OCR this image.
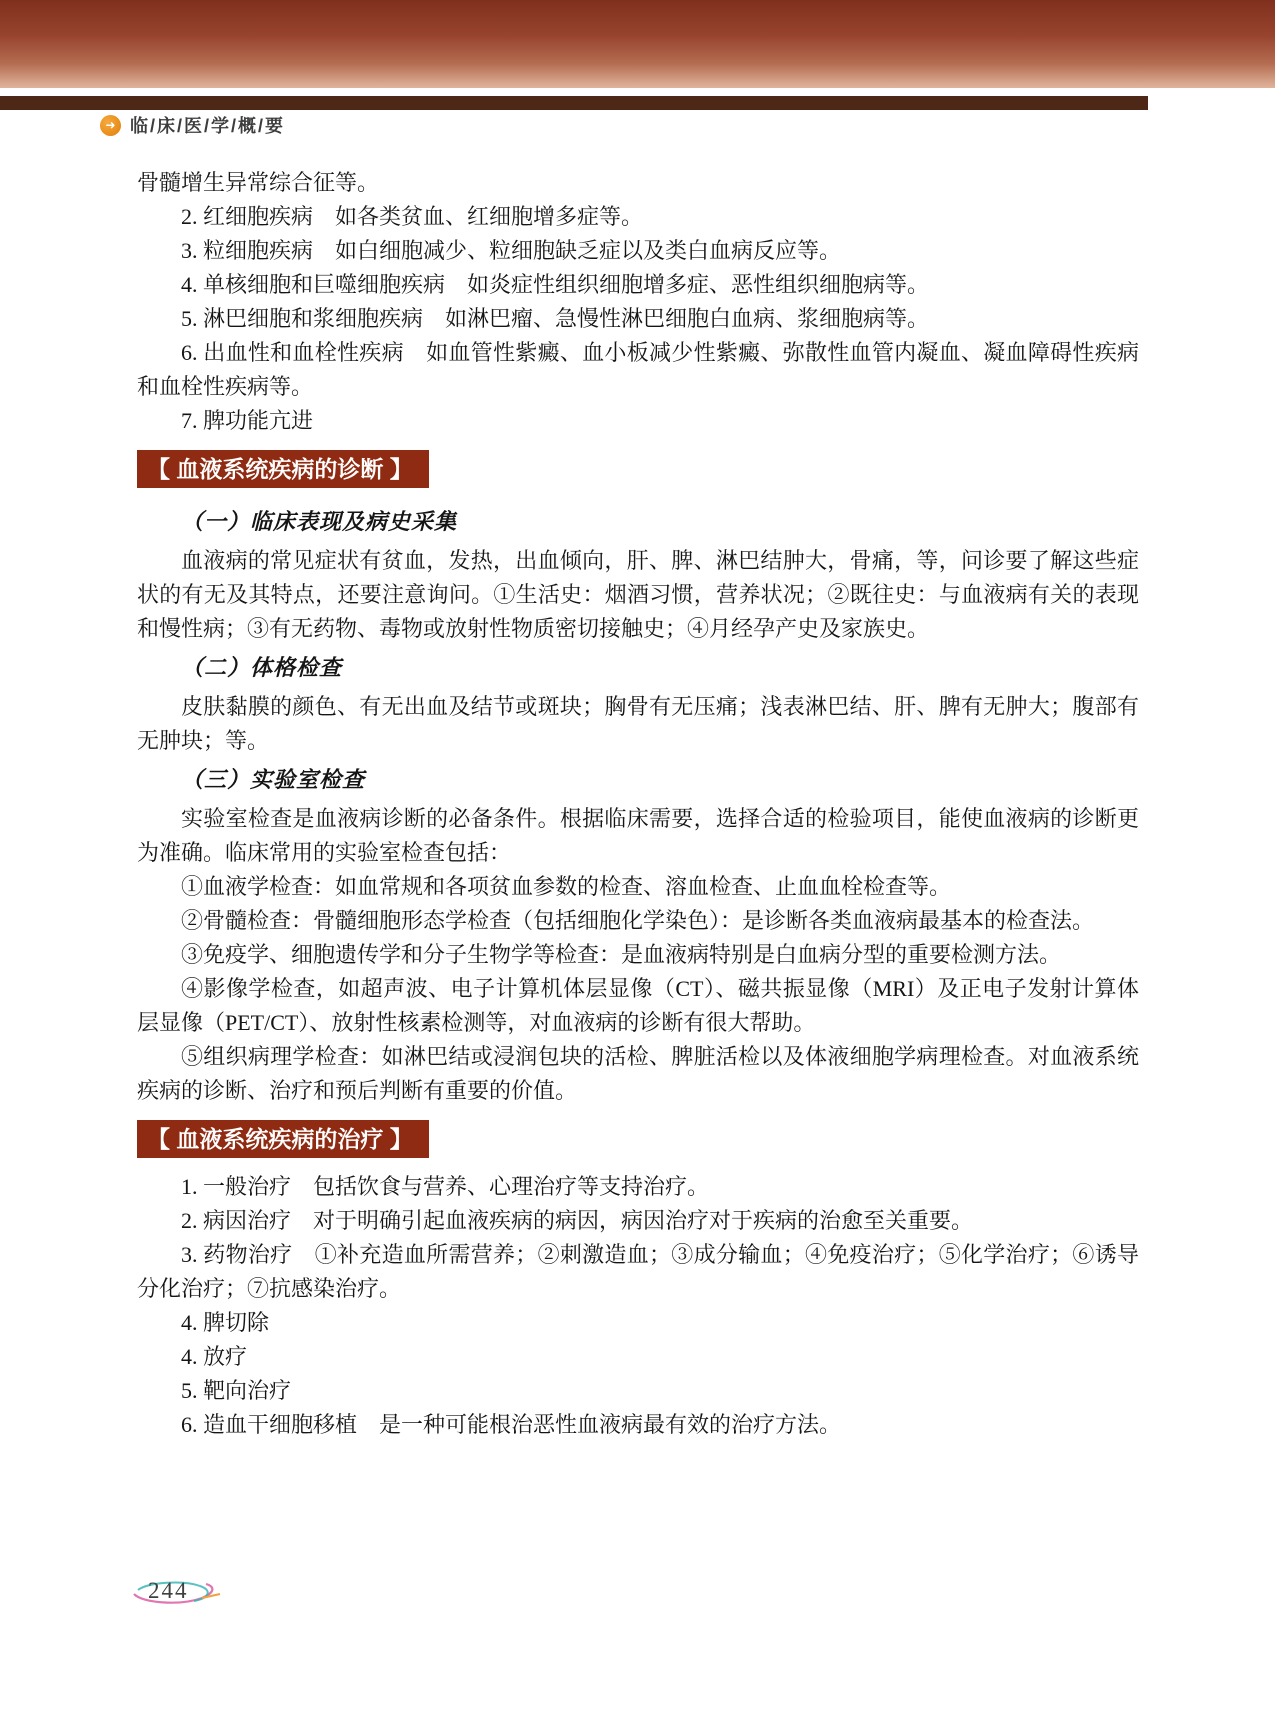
➜
临/床/医/学/概/要

骨髓增生异常综合征等。

2. 红细胞疾病　如各类贫血、红细胞增多症等。

3. 粒细胞疾病　如白细胞减少、粒细胞缺乏症以及类白血病反应等。

4. 单核细胞和巨噬细胞疾病　如炎症性组织细胞增多症、恶性组织细胞病等。

5. 淋巴细胞和浆细胞疾病　如淋巴瘤、急慢性淋巴细胞白血病、浆细胞病等。

6. 出血性和血栓性疾病　如血管性紫癜、血小板减少性紫癜、弥散性血管内凝血、凝血障碍性疾病和血栓性疾病等。

7. 脾功能亢进

【 血液系统疾病的诊断 】

（一）临床表现及病史采集

血液病的常见症状有贫血，发热，出血倾向，肝、脾、淋巴结肿大，骨痛，等，问诊要了解这些症状的有无及其特点，还要注意询问。①生活史：烟酒习惯，营养状况；②既往史：与血液病有关的表现和慢性病；③有无药物、毒物或放射性物质密切接触史；④月经孕产史及家族史。

（二）体格检查

皮肤黏膜的颜色、有无出血及结节或斑块；胸骨有无压痛；浅表淋巴结、肝、脾有无肿大；腹部有无肿块；等。

（三）实验室检查

实验室检查是血液病诊断的必备条件。根据临床需要，选择合适的检验项目，能使血液病的诊断更为准确。临床常用的实验室检查包括：

①血液学检查：如血常规和各项贫血参数的检查、溶血检查、止血血栓检查等。

②骨髓检查：骨髓细胞形态学检查（包括细胞化学染色）：是诊断各类血液病最基本的检查法。

③免疫学、细胞遗传学和分子生物学等检查：是血液病特别是白血病分型的重要检测方法。

④影像学检查，如超声波、电子计算机体层显像（CT）、磁共振显像（MRI）及正电子发射计算体层显像（PET/CT）、放射性核素检测等，对血液病的诊断有很大帮助。

⑤组织病理学检查：如淋巴结或浸润包块的活检、脾脏活检以及体液细胞学病理检查。对血液系统疾病的诊断、治疗和预后判断有重要的价值。

【 血液系统疾病的治疗 】

1. 一般治疗　包括饮食与营养、心理治疗等支持治疗。

2. 病因治疗　对于明确引起血液疾病的病因，病因治疗对于疾病的治愈至关重要。

3. 药物治疗　①补充造血所需营养；②刺激造血；③成分输血；④免疫治疗；⑤化学治疗；⑥诱导分化治疗；⑦抗感染治疗。

4. 脾切除

4. 放疗

5. 靶向治疗

6. 造血干细胞移植　是一种可能根治恶性血液病最有效的治疗方法。

244
